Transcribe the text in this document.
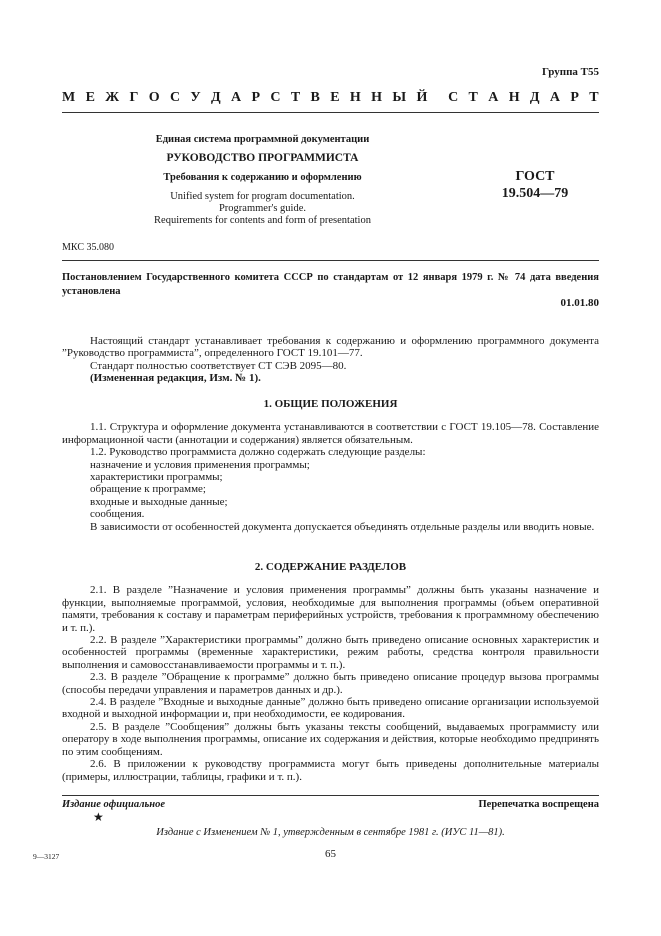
Группа Т55
М Е Ж Г О С У Д А Р С Т В Е Н Н Ы Й С Т А Н Д А Р Т
Единая система программной документации
РУКОВОДСТВО ПРОГРАММИСТА
Требования к содержанию и оформлению
Unified system for program documentation.
Programmer's guide.
Requirements for contents and form of presentation
ГОСТ
19.504—79
МКС 35.080
Постановлением Государственного комитета СССР по стандартам от 12 января 1979 г. № 74 дата введения установлена
01.01.80

Настоящий стандарт устанавливает требования к содержанию и оформлению программного документа ”Руководство программиста”, определенного ГОСТ 19.101—77.

Стандарт полностью соответствует СТ СЭВ 2095—80.

(Измененная редакция, Изм. № 1).

1. ОБЩИЕ ПОЛОЖЕНИЯ

1.1. Структура и оформление документа устанавливаются в соответствии с ГОСТ 19.105—78. Составление информационной части (аннотации и содержания) является обязательным.

1.2. Руководство программиста должно содержать следующие разделы:

назначение и условия применения программы;

характеристики программы;

обращение к программе;

входные и выходные данные;

сообщения.

В зависимости от особенностей документа допускается объединять отдельные разделы или вводить новые.

2. СОДЕРЖАНИЕ РАЗДЕЛОВ

2.1. В разделе ”Назначение и условия применения программы” должны быть указаны назначение и функции, выполняемые программой, условия, необходимые для выполнения программы (объем оперативной памяти, требования к составу и параметрам периферийных устройств, требования к программному обеспечению и т. п.).

2.2. В разделе ”Характеристики программы” должно быть приведено описание основных характеристик и особенностей программы (временные характеристики, режим работы, средства контроля правильности выполнения и самовосстанавливаемости программы и т. п.).

2.3. В разделе ”Обращение к программе” должно быть приведено описание процедур вызова программы (способы передачи управления и параметров данных и др.).

2.4. В разделе ”Входные и выходные данные” должно быть приведено описание организации используемой входной и выходной информации и, при необходимости, ее кодирования.

2.5. В разделе ”Сообщения” должны быть указаны тексты сообщений, выдаваемых программисту или оператору в ходе выполнения программы, описание их содержания и действия, которые необходимо предпринять по этим сообщениям.

2.6. В приложении к руководству программиста могут быть приведены дополнительные материалы (примеры, иллюстрации, таблицы, графики и т. п.).

Издание официальное	Перепечатка воспрещена
★
Издание с Изменением № 1, утвержденным в сентябре 1981 г. (ИУС 11—81).
65
9—3127
